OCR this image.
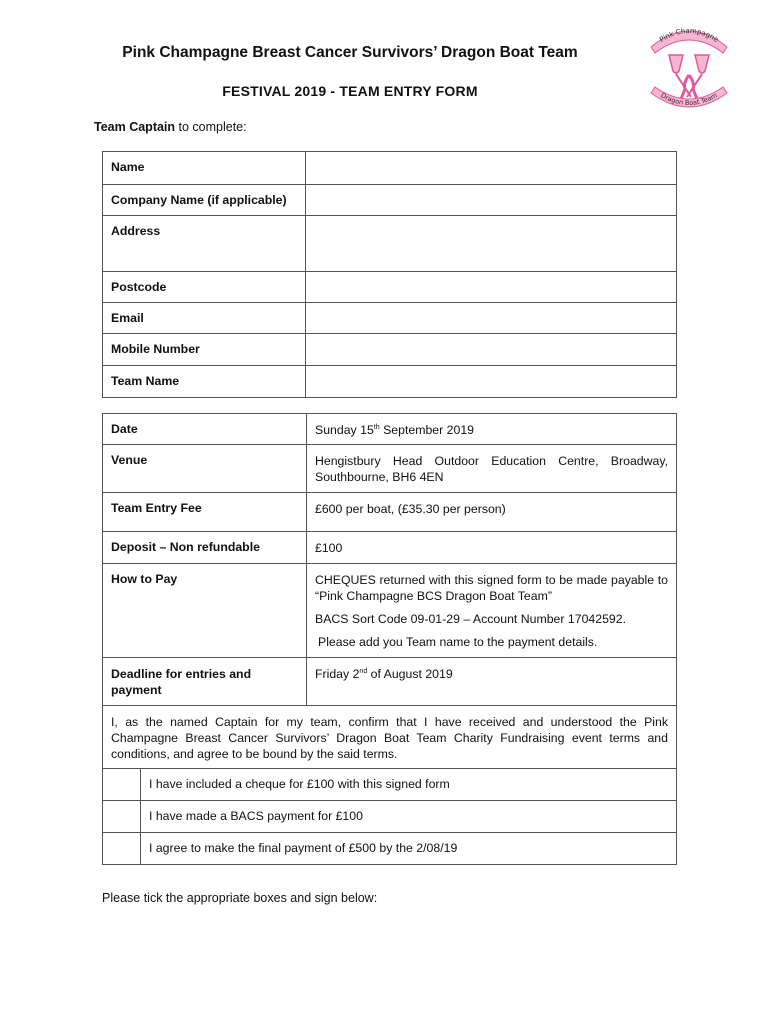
Pink Champagne
Dragon Boat Team
Pink Champagne Breast Cancer Survivors’ Dragon Boat Team
FESTIVAL 2019 - TEAM ENTRY FORM
Team Captain to complete:
Name	
Company Name (if applicable)	
Address	
Postcode	
Email	
Mobile Number	
Team Name	
Date	Sunday 15th September 2019
Venue	Hengistbury Head Outdoor Education Centre, Broadway, Southbourne, BH6 4EN
Team Entry Fee	£600 per boat, (£35.30 per person)
Deposit – Non refundable	£100
How to Pay	CHEQUES returned with this signed form to be made payable to “Pink Champagne BCS Dragon Boat Team”

BACS Sort Code 09-01-29 – Account Number 17042592.

Please add you Team name to the payment details.

Deadline for entries and payment	Friday 2nd of August 2019
I, as the named Captain for my team, confirm that I have received and understood the Pink Champagne Breast Cancer Survivors’ Dragon Boat Team Charity Fundraising event terms and conditions, and agree to be bound by the said terms.

	I have included a cheque for £100 with this signed form
	I have made a BACS payment for £100
	I agree to make the final payment of £500 by the 2/08/19
Please tick the appropriate boxes and sign below:
